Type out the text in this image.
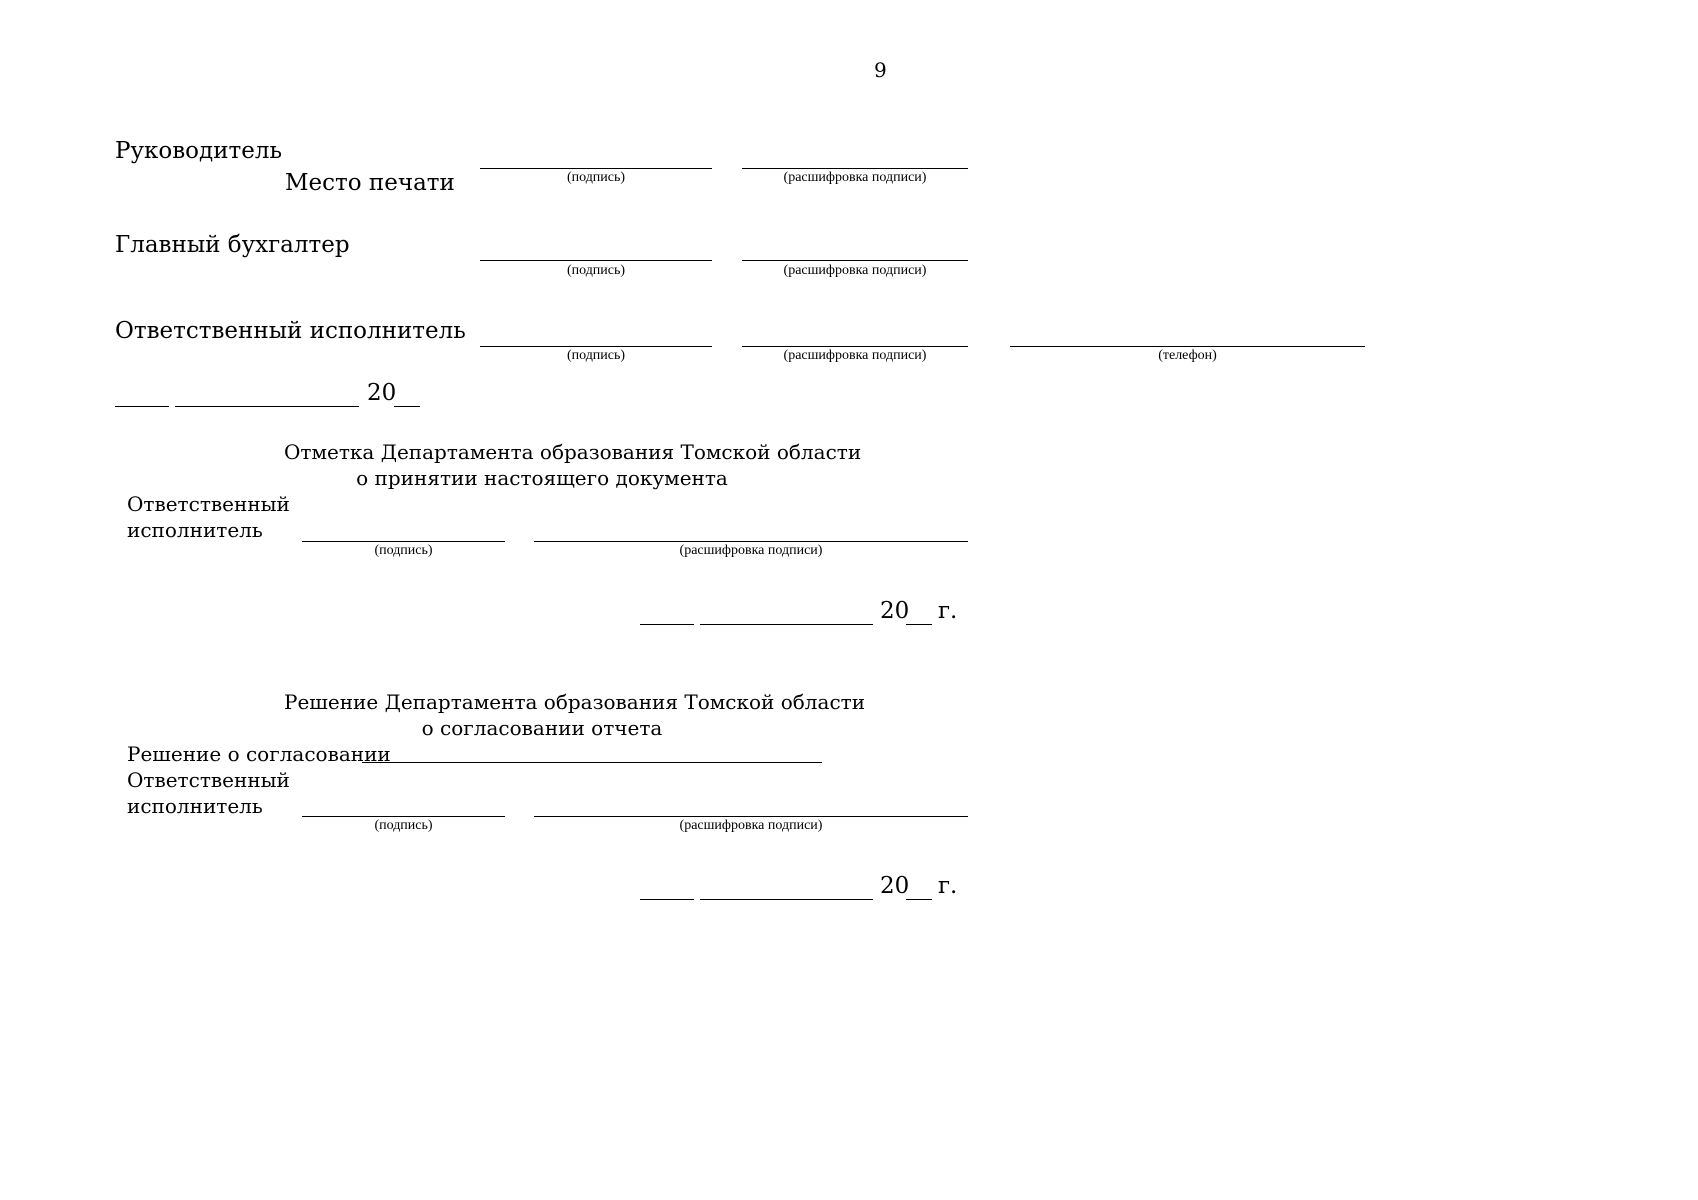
9
Руководитель
Место печати	(подпись)	(расшифровка подписи)
Главный бухгалтер
(подпись)	(расшифровка подписи)
Ответственный исполнитель
(подпись)	(расшифровка подписи)	(телефон)
20
Отметка Департамента образования Томской области
о принятии настоящего документа
Ответственный
исполнитель
(подпись)	(расшифровка подписи)
20 г.
Решение Департамента образования Томской области
о согласовании отчета
Решение о согласовании
Ответственный
исполнитель
(подпись)	(расшифровка подписи)
20 г.
